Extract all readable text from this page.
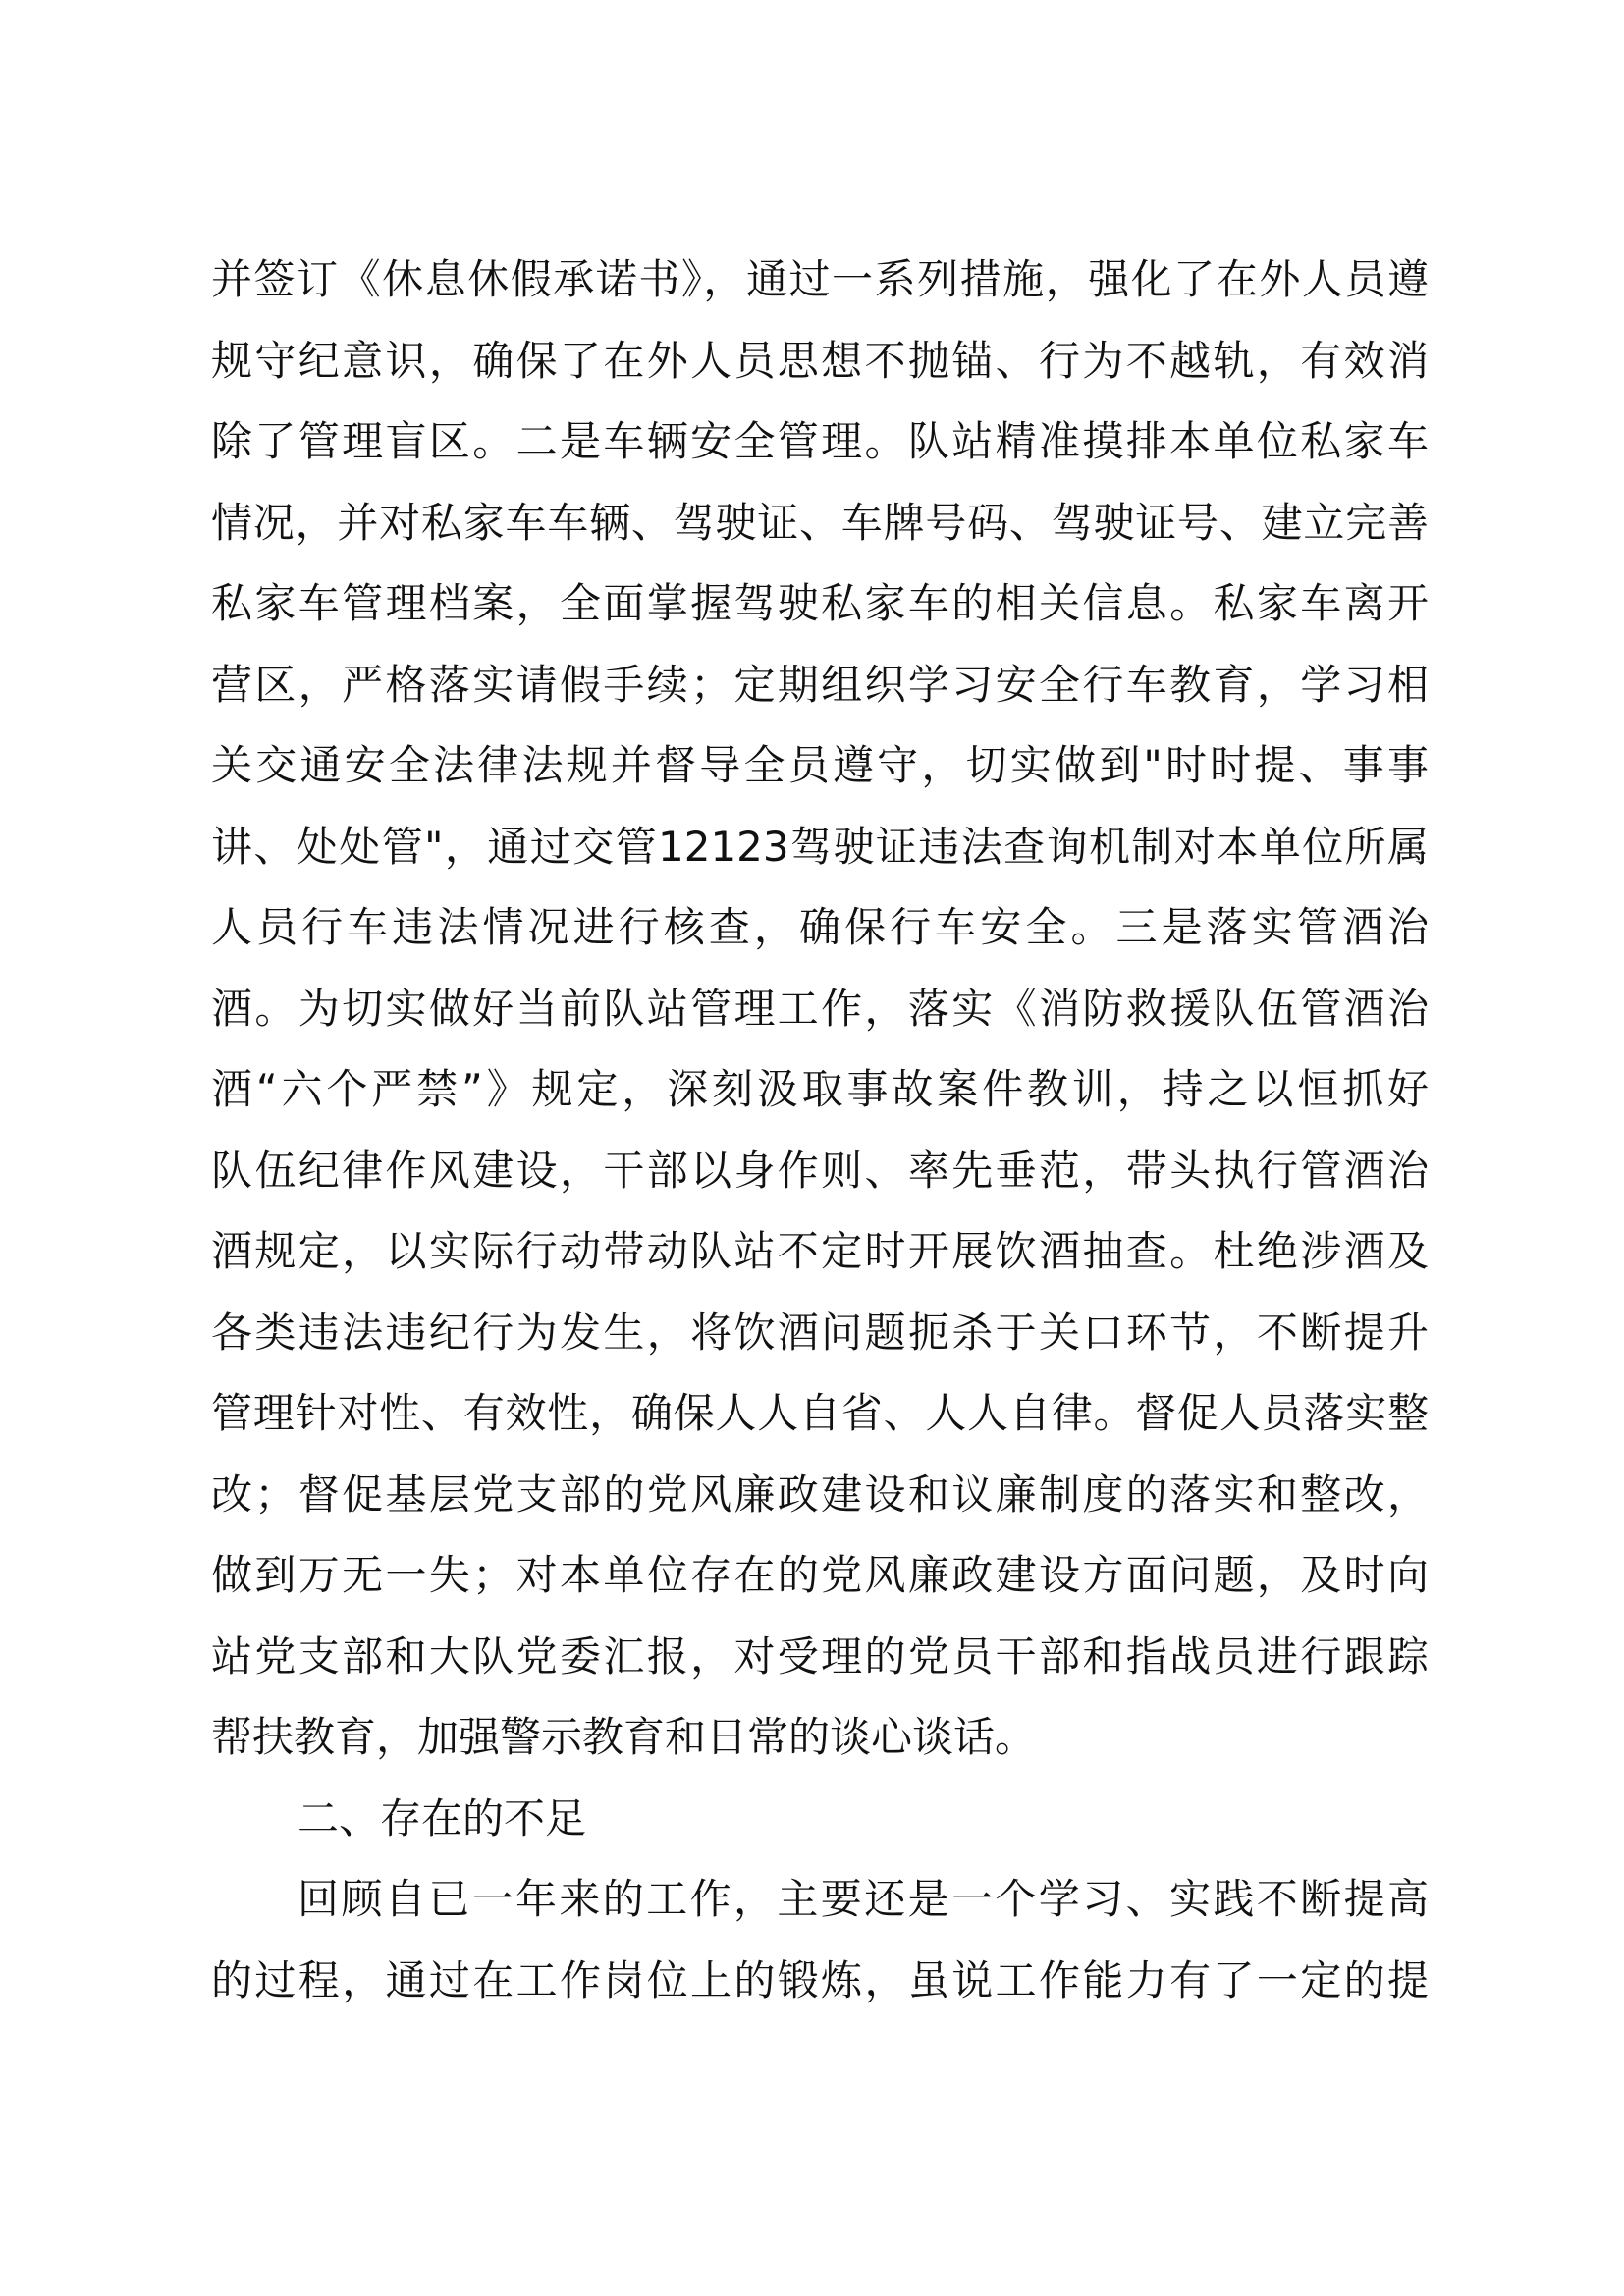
并签订《休息休假承诺书》，通过一系列措施，强化了在外人员遵
规守纪意识，确保了在外人员思想不抛锚、行为不越轨，有效消
除了管理盲区。二是车辆安全管理。队站精准摸排本单位私家车
情况，并对私家车车辆、驾驶证、车牌号码、驾驶证号、建立完善
私家车管理档案，全面掌握驾驶私家车的相关信息。私家车离开
营区，严格落实请假手续；定期组织学习安全行车教育，学习相
关交通安全法律法规并督导全员遵守，切实做到"时时提、事事
讲、处处管"，通过交管12123驾驶证违法查询机制对本单位所属
人员行车违法情况进行核查，确保行车安全。三是落实管酒治
酒。为切实做好当前队站管理工作，落实《消防救援队伍管酒治
酒“六个严禁”》规定，深刻汲取事故案件教训，持之以恒抓好
队伍纪律作风建设，干部以身作则、率先垂范，带头执行管酒治
酒规定，以实际行动带动队站不定时开展饮酒抽查。杜绝涉酒及
各类违法违纪行为发生，将饮酒问题扼杀于关口环节，不断提升
管理针对性、有效性，确保人人自省、人人自律。督促人员落实整
改；督促基层党支部的党风廉政建设和议廉制度的落实和整改，
做到万无一失；对本单位存在的党风廉政建设方面问题，及时向
站党支部和大队党委汇报，对受理的党员干部和指战员进行跟踪
帮扶教育，加强警示教育和日常的谈心谈话。
二、存在的不足
回顾自已一年来的工作，主要还是一个学习、实践不断提高
的过程，通过在工作岗位上的锻炼，虽说工作能力有了一定的提
